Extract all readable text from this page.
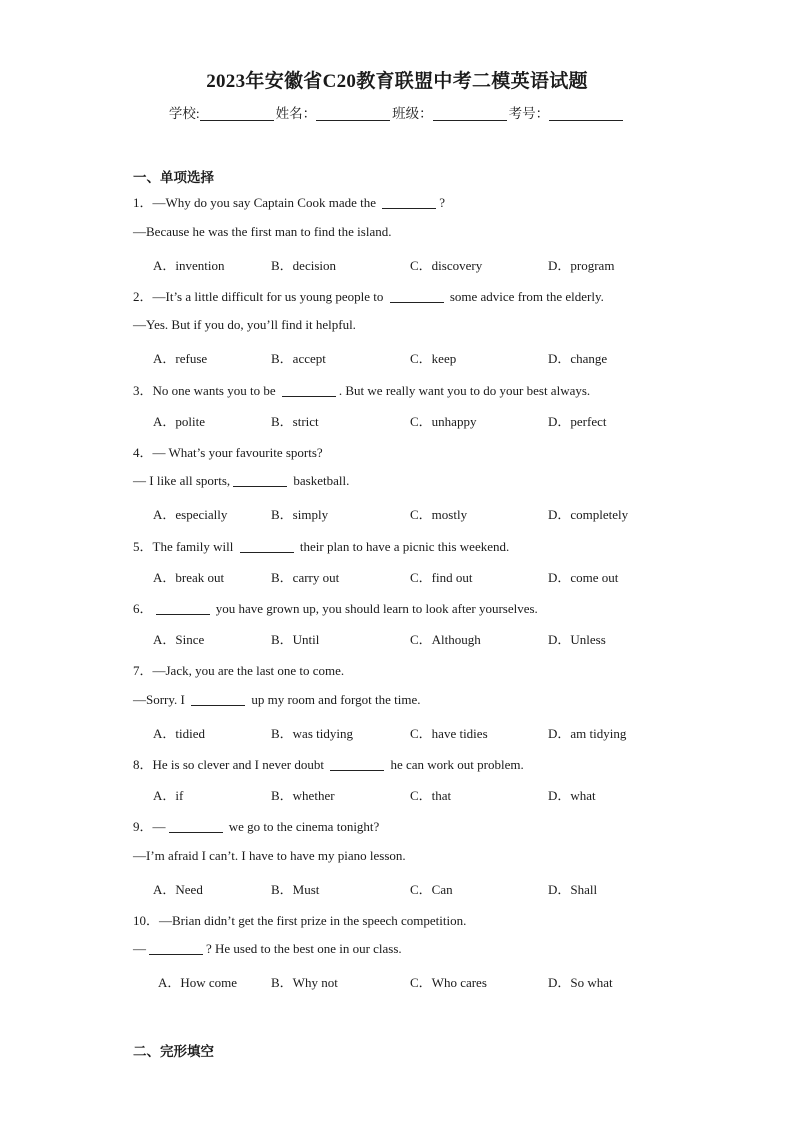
2023年安徽省C20教育联盟中考二模英语试题
学校:	姓名：	班级：	考号：
一、单项选择
1．—Why do you say Captain Cook made the	?
—Because he was the first man to find the island.
A．invention	B．decision	C．discovery	D．program
2．—It’s a little difficult for us young people to	some advice from the elderly.
—Yes. But if you do, you’ll find it helpful.
A．refuse	B．accept	C．keep	D．change
3．No one wants you to be	. But we really want you to do your best always.
A．polite	B．strict	C．unhappy	D．perfect
4．— What’s your favourite sports?
— I like all sports,	basketball.
A．especially	B．simply	C．mostly	D．completely
5．The family will	their plan to have a picnic this weekend.
A．break out	B．carry out	C．find out	D．come out
6．	you have grown up, you should learn to look after yourselves.
A．Since	B．Until	C．Although	D．Unless
7．—Jack, you are the last one to come.
—Sorry. I	up my room and forgot the time.
A．tidied	B．was tidying	C．have tidies	D．am tidying
8．He is so clever and I never doubt	he can work out problem.
A．if	B．whether	C．that	D．what
9．—	we go to the cinema tonight?
—I’m afraid I can’t. I have to have my piano lesson.
A．Need	B．Must	C．Can	D．Shall
10．—Brian didn’t get the first prize in the speech competition.
—	? He used to the best one in our class.
A．How come	B．Why not	C．Who cares	D．So what
二、完形填空
